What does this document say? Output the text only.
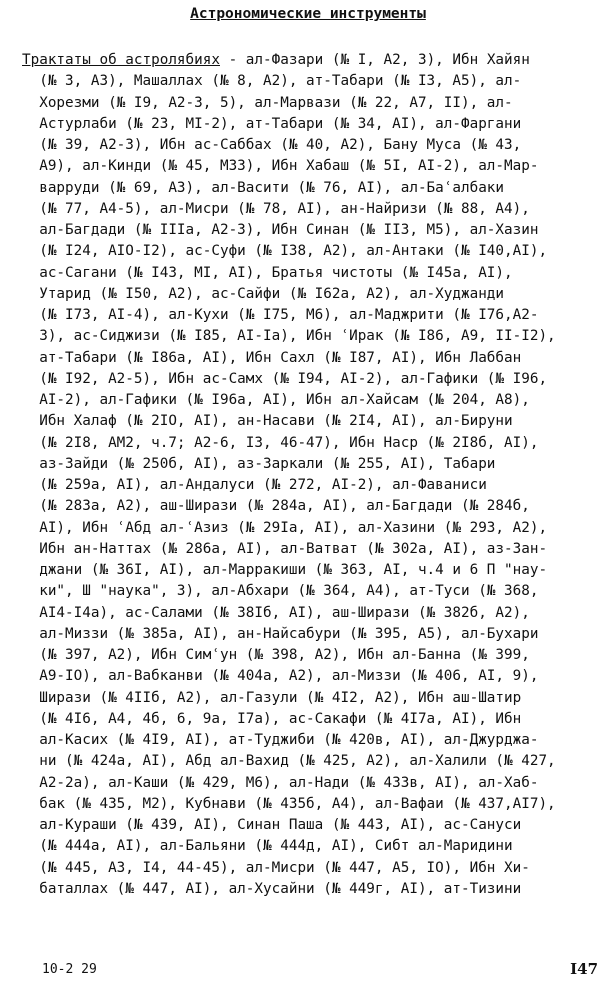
Астрономические инструменты
Трактаты об астролябиях - ал-Фазари (№ I, A2, 3), Ибн Хайян
(№ 3, A3), Машаллах (№ 8, A2), ат-Табари (№ I3, A5), ал-
Хорезми (№ I9, A2-3, 5), ал-Марвази (№ 22, A7, II), ал-
Астурлаби (№ 23, MI-2), ат-Табари (№ 34, AI), ал-Фаргани
(№ 39, A2-3), Ибн ас-Саббах (№ 40, A2), Бану Муса (№ 43,
A9), ал-Кинди (№ 45, M33), Ибн Хабаш (№ 5I, AI-2), ал-Мар-
варруди (№ 69, A3), ал-Васити (№ 76, AI), ал-Баʿалбаки
(№ 77, A4-5), ал-Мисри (№ 78, AI), ан-Найризи (№ 88, A4),
ал-Багдади (№ IIIа, A2-3), Ибн Синан (№ II3, M5), ал-Хазин
(№ I24, AIO-I2), ас-Суфи (№ I38, A2), ал-Антаки (№ I40,AI),
ас-Сагани (№ I43, MI, AI), Братья чистоты (№ I45а, AI),
Утарид (№ I50, A2), ас-Сайфи (№ I62а, A2), ал-Худжанди
(№ I73, AI-4), ал-Кухи (№ I75, M6), ал-Маджрити (№ I76,A2-
3), ас-Сиджизи (№ I85, AI-Iа), Ибн ʿИрак (№ I86, A9, II-I2),
ат-Табари (№ I86а, AI), Ибн Сахл (№ I87, AI), Ибн Лаббан
(№ I92, A2-5), Ибн ас-Самх (№ I94, AI-2), ал-Гафики (№ I96,
AI-2), ал-Гафики (№ I96а, AI), Ибн ал-Хайсам (№ 204, A8),
Ибн Халаф (№ 2IO, AI), ан-Насави (№ 2I4, AI), ал-Бируни
(№ 2I8, AM2, ч.7; A2-6, I3, 46-47), Ибн Наср (№ 2I8б, AI),
аз-Зайди (№ 250б, AI), аз-Заркали (№ 255, AI), Табари
(№ 259а, AI), ал-Андалуси (№ 272, AI-2), ал-Фаваниси
(№ 283а, A2), аш-Ширази (№ 284а, AI), ал-Багдади (№ 284б,
AI), Ибн ʿАбд ал-ʿАзиз (№ 29Iа, AI), ал-Хазини (№ 293, A2),
Ибн ан-Наттах (№ 286а, AI), ал-Ватват (№ 302а, AI), аз-Зан-
джани (№ 36I, AI), ал-Марракиши (№ 363, AI, ч.4 и 6 П "нау-
ки", Ш "наука", 3), ал-Абхари (№ 364, A4), ат-Туси (№ 368,
AI4-I4а), ас-Салами (№ 38Iб, AI), аш-Ширази (№ 382б, A2),
ал-Миззи (№ 385а, AI), ан-Найсабури (№ 395, A5), ал-Бухари
(№ 397, A2), Ибн Симʿун (№ 398, A2), Ибн ал-Банна (№ 399,
A9-IO), ал-Вабканви (№ 404а, A2), ал-Миззи (№ 406, AI, 9),
Ширази (№ 4IIб, A2), ал-Газули (№ 4I2, A2), Ибн аш-Шатир
(№ 4I6, A4, 4б, 6, 9а, I7а), ас-Сакафи (№ 4I7а, AI), Ибн
ал-Касих (№ 4I9, AI), ат-Туджиби (№ 420в, AI), ал-Джурджа-
ни (№ 424а, AI), Абд ал-Вахид (№ 425, A2), ал-Халили (№ 427,
A2-2а), ал-Каши (№ 429, M6), ал-Нади (№ 433в, AI), ал-Хаб-
бак (№ 435, M2), Кубнави (№ 435б, A4), ал-Вафаи (№ 437,AI7),
ал-Кураши (№ 439, AI), Синан Паша (№ 443, AI), ас-Сануси
(№ 444а, AI), ал-Бальяни (№ 444д, AI), Сибт ал-Маридини
(№ 445, A3, I4, 44-45), ал-Мисри (№ 447, A5, IO), Ибн Хи-
баталлах (№ 447, AI), ал-Хусайни (№ 449г, AI), ат-Тизини
10-2 29	I47
